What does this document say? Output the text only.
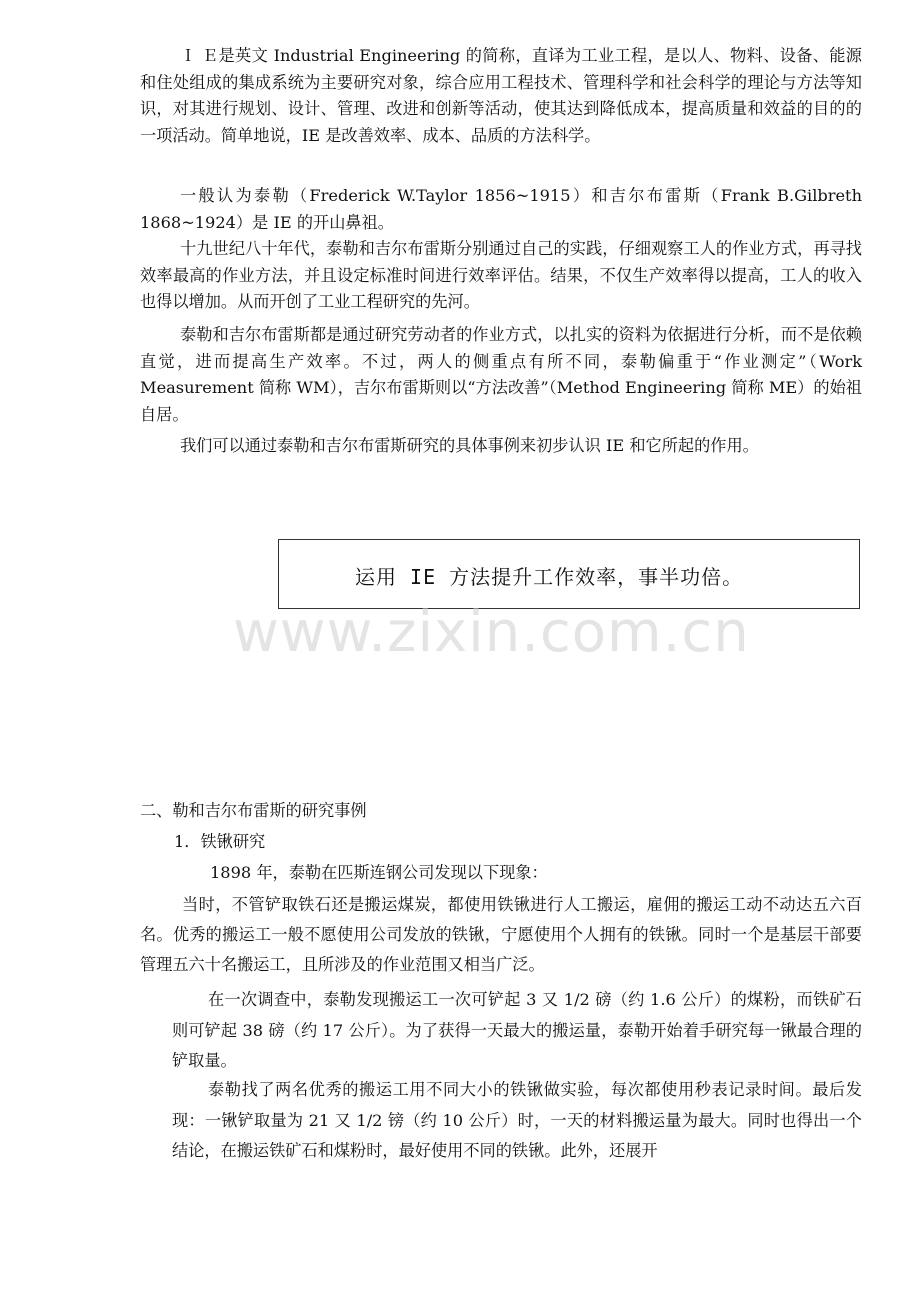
Ｉ Ｅ是英文 Industrial Engineering 的简称，直译为工业工程，是以人、物料、设备、能源和住处组成的集成系统为主要研究对象，综合应用工程技术、管理科学和社会科学的理论与方法等知识，对其进行规划、设计、管理、改进和创新等活动，使其达到降低成本，提高质量和效益的目的的一项活动。简单地说，IE 是改善效率、成本、品质的方法科学。

一般认为泰勒（Frederick W.Taylor 1856~1915）和吉尔布雷斯（Frank B.Gilbreth 1868~1924）是 IE 的开山鼻祖。

十九世纪八十年代，泰勒和吉尔布雷斯分别通过自己的实践，仔细观察工人的作业方式，再寻找效率最高的作业方法，并且设定标准时间进行效率评估。结果，不仅生产效率得以提高，工人的收入也得以增加。从而开创了工业工程研究的先河。

泰勒和吉尔布雷斯都是通过研究劳动者的作业方式，以扎实的资料为依据进行分析，而不是依赖直觉，进而提高生产效率。不过，两人的侧重点有所不同，泰勒偏重于“作业测定”（Work Measurement 简称 WM），吉尔布雷斯则以“方法改善”（Method Engineering 简称 ME）的始祖自居。

我们可以通过泰勒和吉尔布雷斯研究的具体事例来初步认识 IE 和它所起的作用。

运用 IE 方法提升工作效率，事半功倍。
www.zixin.com.cn

二、勒和吉尔布雷斯的研究事例

1．铁锹研究

1898 年，泰勒在匹斯连钢公司发现以下现象：

当时，不管铲取铁石还是搬运煤炭，都使用铁锹进行人工搬运，雇佣的搬运工动不动达五六百名。优秀的搬运工一般不愿使用公司发放的铁锹，宁愿使用个人拥有的铁锹。同时一个是基层干部要管理五六十名搬运工，且所涉及的作业范围又相当广泛。

在一次调查中，泰勒发现搬运工一次可铲起 3 又 1/2 磅（约 1.6 公斤）的煤粉，而铁矿石则可铲起 38 磅（约 17 公斤）。为了获得一天最大的搬运量，泰勒开始着手研究每一锹最合理的铲取量。

泰勒找了两名优秀的搬运工用不同大小的铁锹做实验，每次都使用秒表记录时间。最后发现：一锹铲取量为 21 又 1/2 镑（约 10 公斤）时，一天的材料搬运量为最大。同时也得出一个结论，在搬运铁矿石和煤粉时，最好使用不同的铁锹。此外，还展开
